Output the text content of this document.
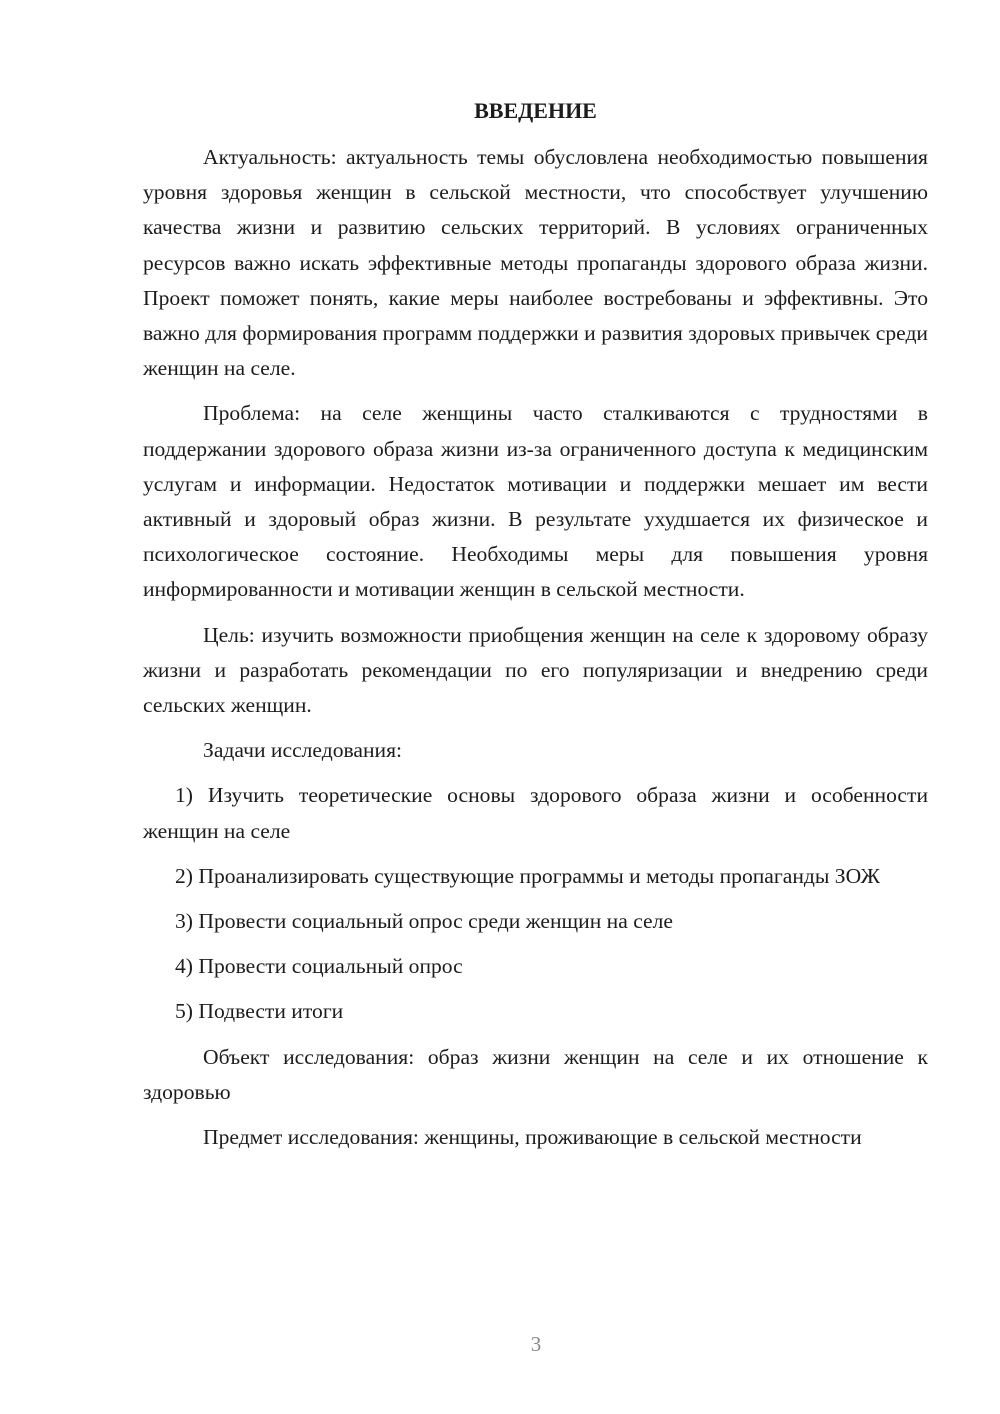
ВВЕДЕНИЕ

Актуальность: актуальность темы обусловлена необходимостью повышения уровня здоровья женщин в сельской местности, что способствует улучшению качества жизни и развитию сельских территорий. В условиях ограниченных ресурсов важно искать эффективные методы пропаганды здорового образа жизни. Проект поможет понять, какие меры наиболее востребованы и эффективны. Это важно для формирования программ поддержки и развития здоровых привычек среди женщин на селе.

Проблема: на селе женщины часто сталкиваются с трудностями в поддержании здорового образа жизни из-за ограниченного доступа к медицинским услугам и информации. Недостаток мотивации и поддержки мешает им вести активный и здоровый образ жизни. В результате ухудшается их физическое и психологическое состояние. Необходимы меры для повышения уровня информированности и мотивации женщин в сельской местности.

Цель: изучить возможности приобщения женщин на селе к здоровому образу жизни и разработать рекомендации по его популяризации и внедрению среди сельских женщин.

Задачи исследования:

1) Изучить теоретические основы здорового образа жизни и особенности женщин на селе

2) Проанализировать существующие программы и методы пропаганды ЗОЖ

3) Провести социальный опрос среди женщин на селе

4) Провести социальный опрос

5) Подвести итоги

Объект исследования: образ жизни женщин на селе и их отношение к здоровью

Предмет исследования: женщины, проживающие в сельской местности

3
